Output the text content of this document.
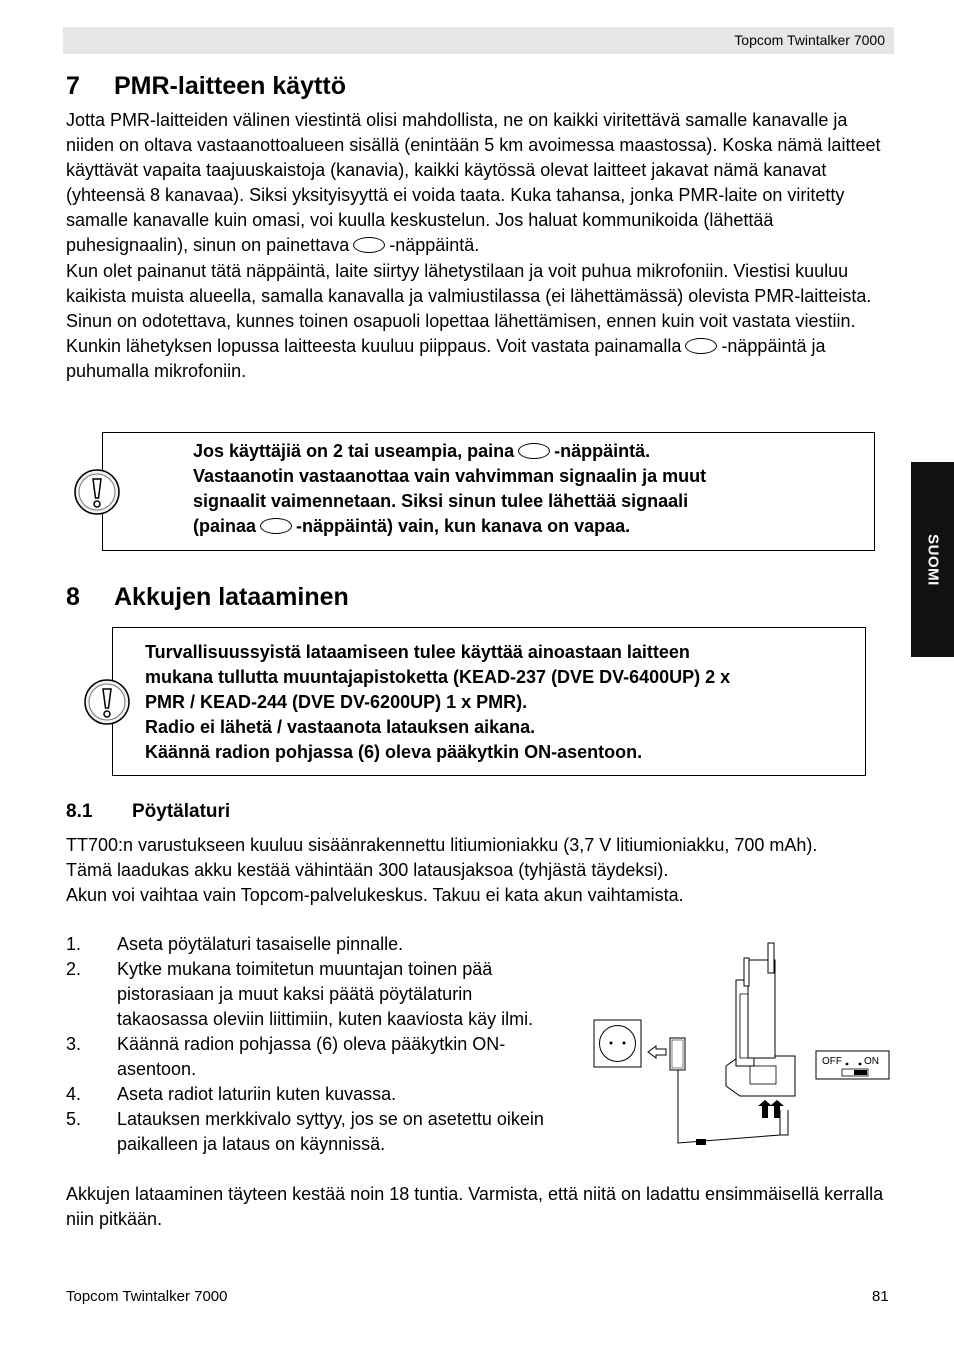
Topcom Twintalker 7000
SUOMI
7 PMR-laitteen käyttö

Jotta PMR-laitteiden välinen viestintä olisi mahdollista, ne on kaikki viritettävä samalle kanavalle ja niiden on oltava vastaanottoalueen sisällä (enintään 5 km avoimessa maastossa). Koska nämä laitteet käyttävät vapaita taajuuskaistoja (kanavia), kaikki käytössä olevat laitteet jakavat nämä kanavat (yhteensä 8 kanavaa). Siksi yksityisyyttä ei voida taata. Kuka tahansa, jonka PMR-laite on viritetty samalle kanavalle kuin omasi, voi kuulla keskustelun. Jos haluat kommunikoida (lähettää puhesignaalin), sinun on painettava -näppäintä.

Kun olet painanut tätä näppäintä, laite siirtyy lähetystilaan ja voit puhua mikrofoniin. Viestisi kuuluu kaikista muista alueella, samalla kanavalla ja valmiustilassa (ei lähettämässä) olevista PMR-laitteista. Sinun on odotettava, kunnes toinen osapuoli lopettaa lähettämisen, ennen kuin voit vastata viestiin. Kunkin lähetyksen lopussa laitteesta kuuluu piippaus. Voit vastata painamalla -näppäintä ja puhumalla mikrofoniin.

Jos käyttäjiä on 2 tai useampia, paina -näppäintä.
Vastaanotin vastaanottaa vain vahvimman signaalin ja muut
signaalit vaimennetaan. Siksi sinun tulee lähettää signaali
(painaa -näppäintä) vain, kun kanava on vapaa.
8 Akkujen lataaminen
Turvallisuussyistä lataamiseen tulee käyttää ainoastaan laitteen
mukana tullutta muuntajapistoketta (KEAD-237 (DVE DV-6400UP) 2 x
PMR / KEAD-244 (DVE DV-6200UP) 1 x PMR).
Radio ei lähetä / vastaanota latauksen aikana.
Käännä radion pohjassa (6) oleva pääkytkin ON-asentoon.
8.1 Pöytälaturi

TT700:n varustukseen kuuluu sisäänrakennettu litiumioniakku (3,7 V litiumioniakku, 700 mAh).

Tämä laadukas akku kestää vähintään 300 latausjaksoa (tyhjästä täydeksi).

Akun voi vaihtaa vain Topcom-palvelukeskus. Takuu ei kata akun vaihtamista.

1. Aseta pöytälaturi tasaiselle pinnalle.
2. Kytke mukana toimitetun muuntajan toinen pää pistorasiaan ja muut kaksi päätä pöytälaturin takaosassa oleviin liittimiin, kuten kaaviosta käy ilmi.
3. Käännä radion pohjassa (6) oleva pääkytkin ON-asentoon.
4. Aseta radiot laturiin kuten kuvassa.
5. Latauksen merkkivalo syttyy, jos se on asetettu oikein paikalleen ja lataus on käynnissä.

Akkujen lataaminen täyteen kestää noin 18 tuntia. Varmista, että niitä on ladattu ensimmäisellä kerralla niin pitkään.

OFF ON
Topcom Twintalker 7000	81
